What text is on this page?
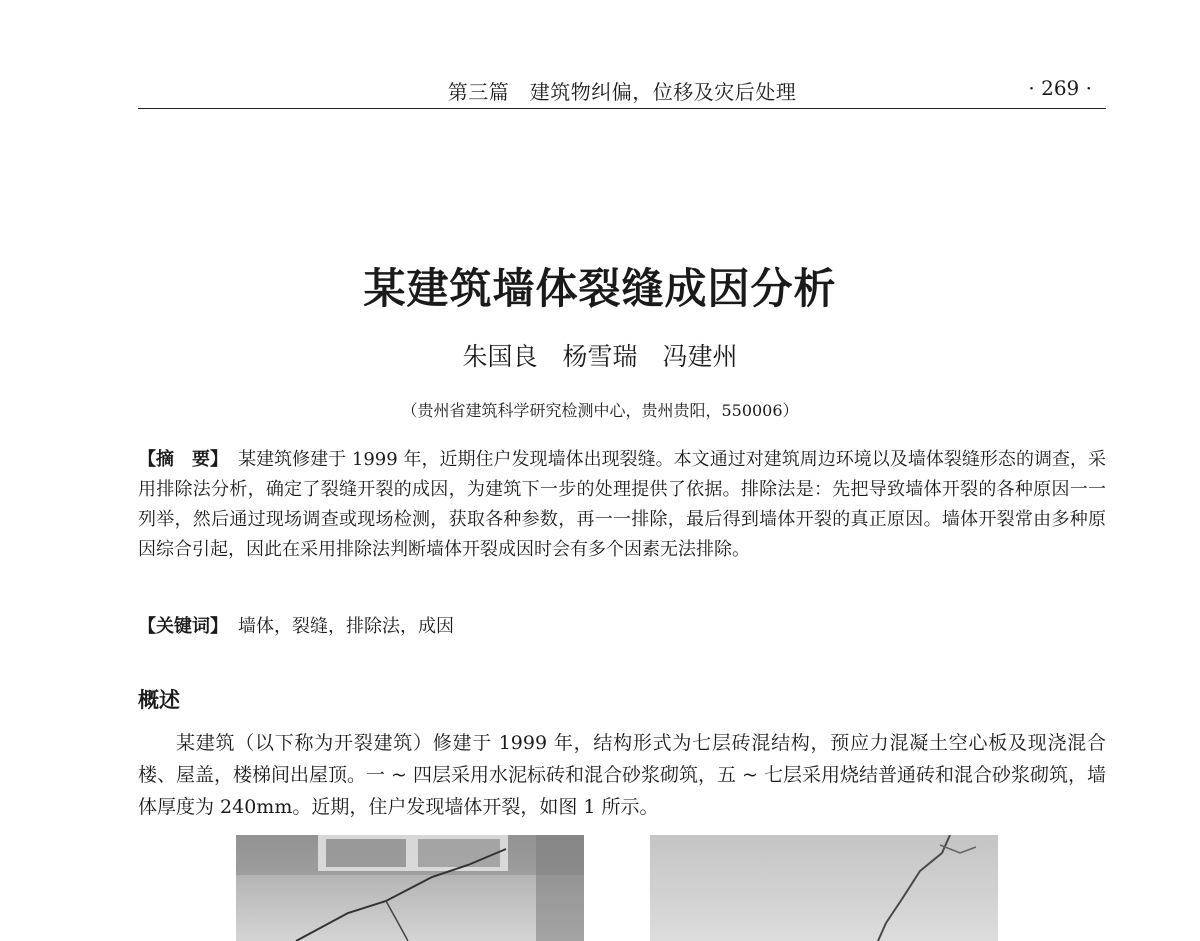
第三篇　建筑物纠偏，位移及灾后处理	· 269 ·
某建筑墙体裂缝成因分析
朱国良　杨雪瑞　冯建州
（贵州省建筑科学研究检测中心，贵州贵阳，550006）
【摘　要】 某建筑修建于 1999 年，近期住户发现墙体出现裂缝。本文通过对建筑周边环境以及墙体裂缝形态的调查，采用排除法分析，确定了裂缝开裂的成因，为建筑下一步的处理提供了依据。排除法是：先把导致墙体开裂的各种原因一一列举，然后通过现场调查或现场检测，获取各种参数，再一一排除，最后得到墙体开裂的真正原因。墙体开裂常由多种原因综合引起，因此在采用排除法判断墙体开裂成因时会有多个因素无法排除。
【关键词】 墙体，裂缝，排除法，成因
概述
某建筑（以下称为开裂建筑）修建于 1999 年，结构形式为七层砖混结构，预应力混凝土空心板及现浇混合楼、屋盖，楼梯间出屋顶。一 ~ 四层采用水泥标砖和混合砂浆砌筑，五 ~ 七层采用烧结普通砖和混合砂浆砌筑，墙体厚度为 240mm。近期，住户发现墙体开裂，如图 1 所示。
